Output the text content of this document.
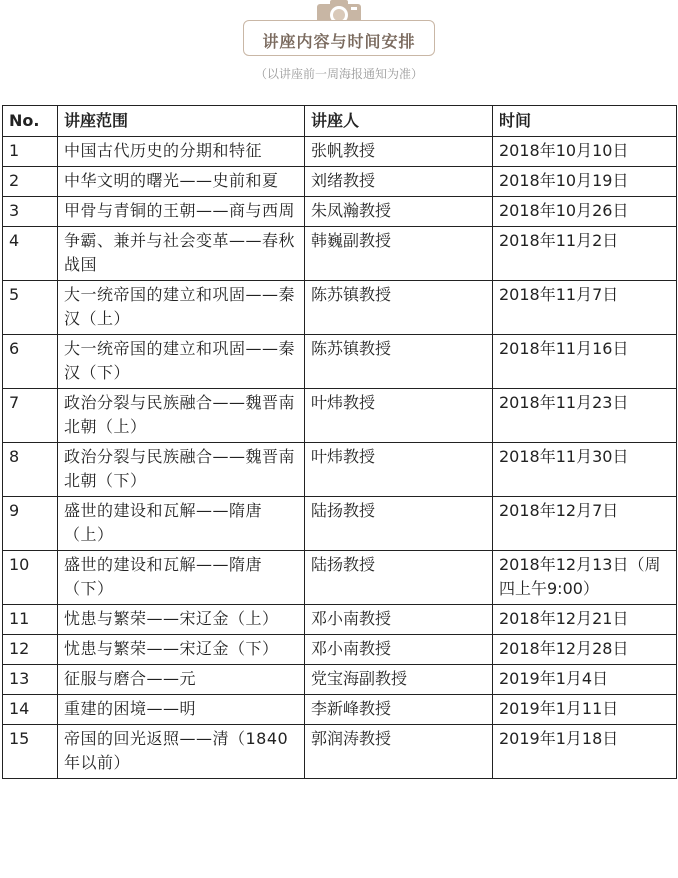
讲座内容与时间安排
（以讲座前一周海报通知为准）
No.	讲座范围	讲座人	时间
1	中国古代历史的分期和特征	张帆教授	2018年10月10日
2	中华文明的曙光——史前和夏	刘绪教授	2018年10月19日
3	甲骨与青铜的王朝——商与西周	朱凤瀚教授	2018年10月26日
4	争霸、兼并与社会变革——春秋战国	韩巍副教授	2018年11月2日
5	大一统帝国的建立和巩固——秦汉（上）	陈苏镇教授	2018年11月7日
6	大一统帝国的建立和巩固——秦汉（下）	陈苏镇教授	2018年11月16日
7	政治分裂与民族融合——魏晋南北朝（上）	叶炜教授	2018年11月23日
8	政治分裂与民族融合——魏晋南北朝（下）	叶炜教授	2018年11月30日
9	盛世的建设和瓦解——隋唐（上）	陆扬教授	2018年12月7日
10	盛世的建设和瓦解——隋唐（下）	陆扬教授	2018年12月13日（周四上午9:00）
11	忧患与繁荣——宋辽金（上）	邓小南教授	2018年12月21日
12	忧患与繁荣——宋辽金（下）	邓小南教授	2018年12月28日
13	征服与磨合——元	党宝海副教授	2019年1月4日
14	重建的困境——明	李新峰教授	2019年1月11日
15	帝国的回光返照——清（1840年以前）	郭润涛教授	2019年1月18日
